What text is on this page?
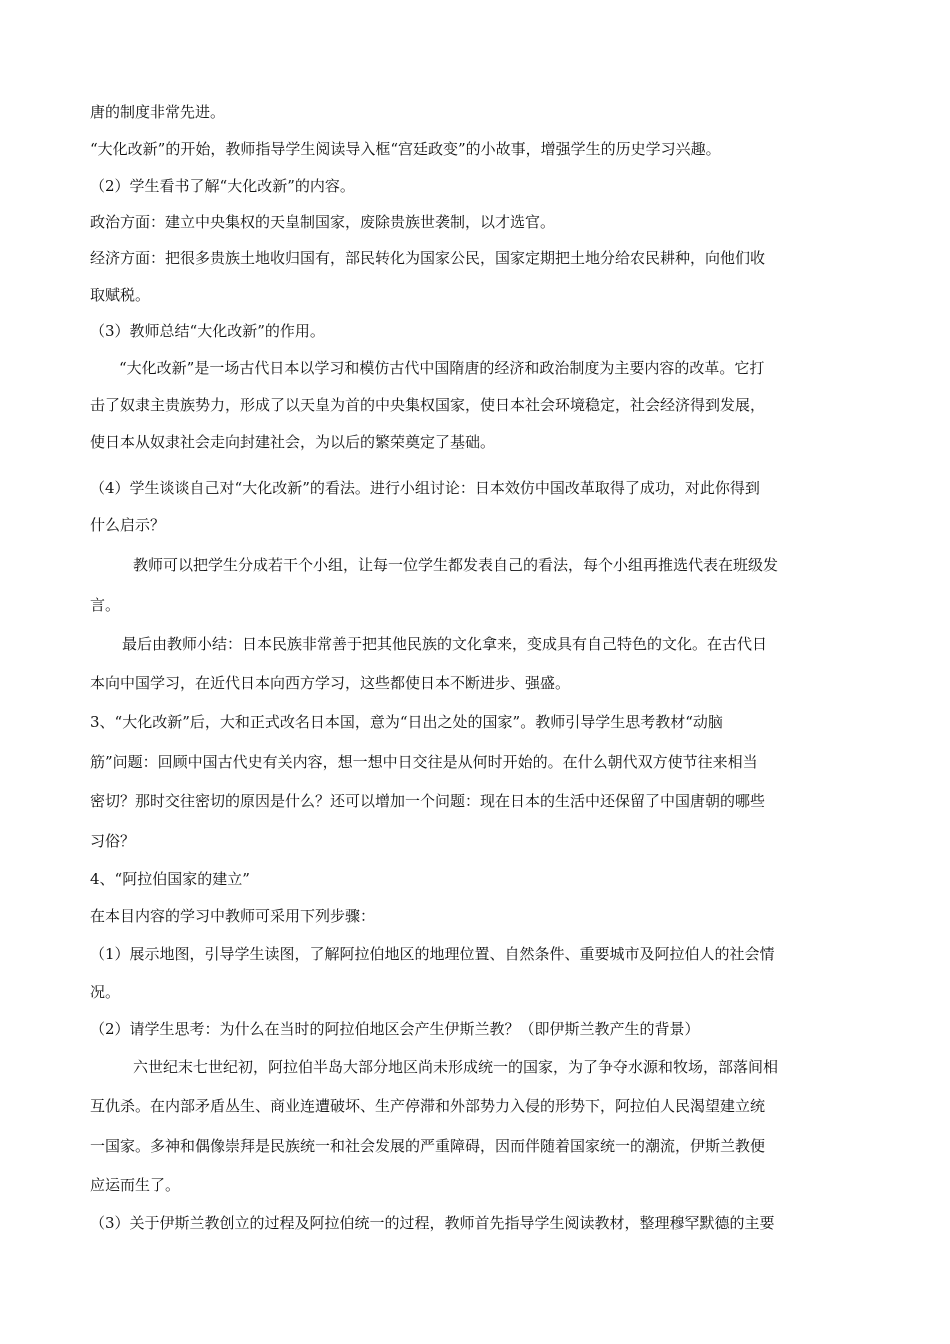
唐的制度非常先进。
“大化改新”的开始，教师指导学生阅读导入框“宫廷政变”的小故事，增强学生的历史学习兴趣。
（2）学生看书了解“大化改新”的内容。
政治方面：建立中央集权的天皇制国家，废除贵族世袭制，以才选官。
经济方面：把很多贵族土地收归国有，部民转化为国家公民，国家定期把土地分给农民耕种，向他们收
取赋税。
（3）教师总结“大化改新”的作用。
“大化改新”是一场古代日本以学习和模仿古代中国隋唐的经济和政治制度为主要内容的改革。它打
击了奴隶主贵族势力，形成了以天皇为首的中央集权国家，使日本社会环境稳定，社会经济得到发展，
使日本从奴隶社会走向封建社会，为以后的繁荣奠定了基础。
（4）学生谈谈自己对“大化改新”的看法。进行小组讨论：日本效仿中国改革取得了成功，对此你得到
什么启示？
教师可以把学生分成若干个小组，让每一位学生都发表自己的看法，每个小组再推选代表在班级发
言。
最后由教师小结：日本民族非常善于把其他民族的文化拿来，变成具有自己特色的文化。在古代日
本向中国学习，在近代日本向西方学习，这些都使日本不断进步、强盛。
3、“大化改新”后，大和正式改名日本国，意为“日出之处的国家”。教师引导学生思考教材“动脑
筋”问题：回顾中国古代史有关内容，想一想中日交往是从何时开始的。在什么朝代双方使节往来相当
密切？那时交往密切的原因是什么？还可以增加一个问题：现在日本的生活中还保留了中国唐朝的哪些
习俗？
4、“阿拉伯国家的建立”
在本目内容的学习中教师可采用下列步骤：
（1）展示地图，引导学生读图，了解阿拉伯地区的地理位置、自然条件、重要城市及阿拉伯人的社会情
况。
（2）请学生思考：为什么在当时的阿拉伯地区会产生伊斯兰教？（即伊斯兰教产生的背景）
六世纪末七世纪初，阿拉伯半岛大部分地区尚未形成统一的国家，为了争夺水源和牧场，部落间相
互仇杀。在内部矛盾丛生、商业连遭破坏、生产停滞和外部势力入侵的形势下，阿拉伯人民渴望建立统
一国家。多神和偶像崇拜是民族统一和社会发展的严重障碍，因而伴随着国家统一的潮流，伊斯兰教便
应运而生了。
（3）关于伊斯兰教创立的过程及阿拉伯统一的过程，教师首先指导学生阅读教材，整理穆罕默德的主要
